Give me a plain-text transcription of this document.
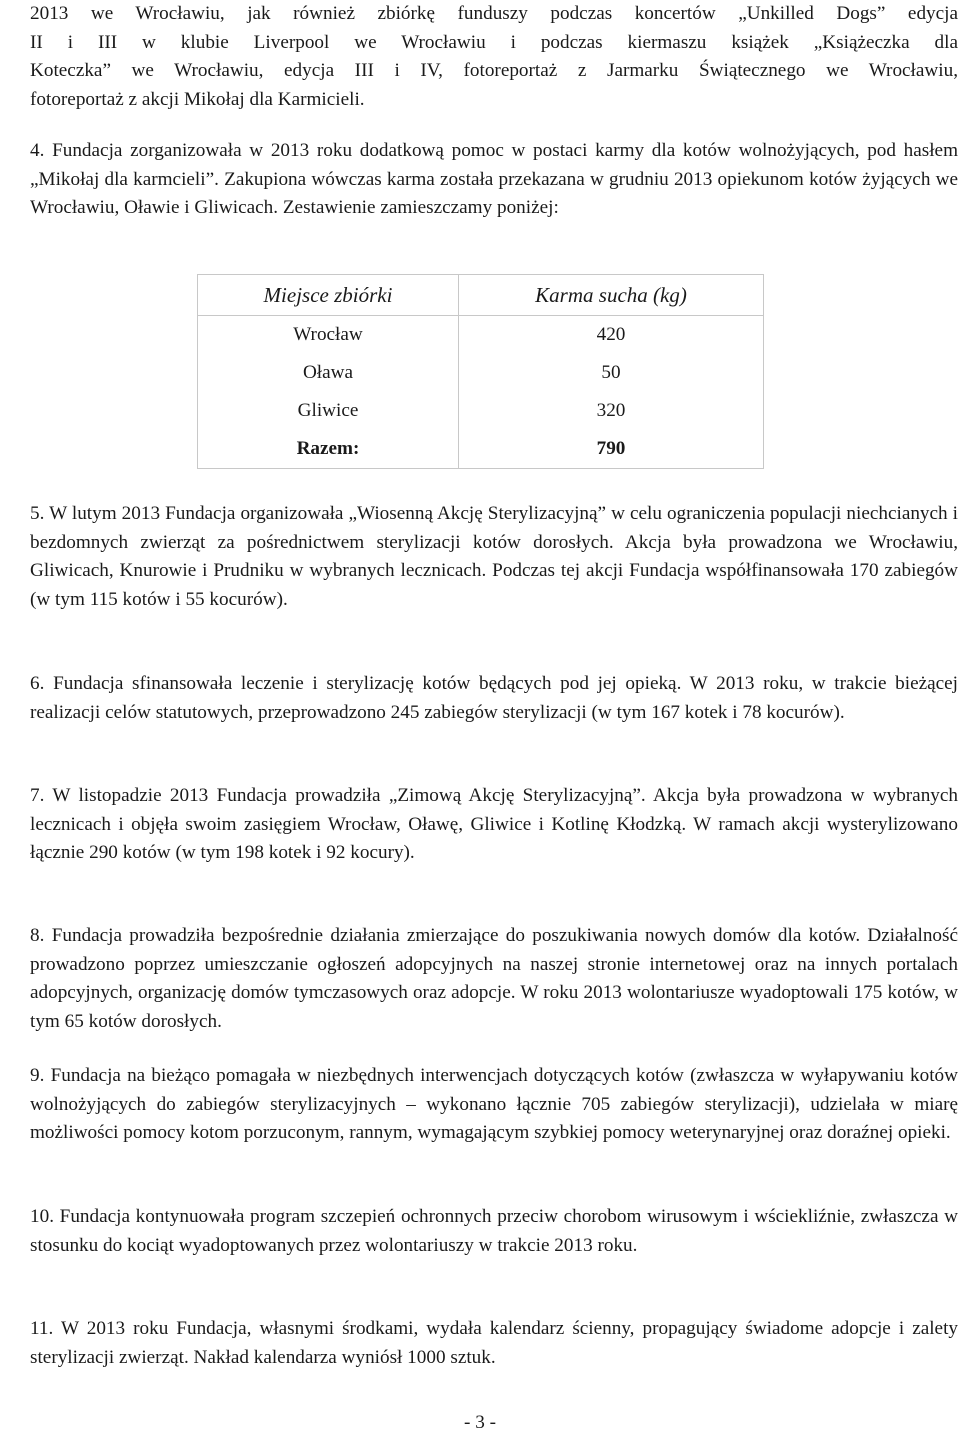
2013 we Wrocławiu, jak również zbiórkę funduszy podczas koncertów „Unkilled Dogs” edycja
II i III w klubie Liverpool we Wrocławiu i podczas kiermaszu książek „Książeczka dla
Koteczka” we Wrocławiu, edycja III i IV, fotoreportaż z Jarmarku Świątecznego we Wrocławiu,
fotoreportaż z akcji Mikołaj dla Karmicieli.

4. Fundacja zorganizowała w 2013 roku dodatkową pomoc w postaci karmy dla kotów wolnożyjących, pod hasłem „Mikołaj dla karmcieli”. Zakupiona wówczas karma została przekazana w grudniu 2013 opiekunom kotów żyjących we Wrocławiu, Oławie i Gliwicach. Zestawienie zamieszczamy poniżej:

Miejsce zbiórki	Karma sucha (kg)
Wrocław	420
Oława	50
Gliwice	320
Razem:	790

5. W lutym 2013 Fundacja organizowała „Wiosenną Akcję Sterylizacyjną” w celu ograniczenia populacji niechcianych i bezdomnych zwierząt za pośrednictwem sterylizacji kotów dorosłych. Akcja była prowadzona we Wrocławiu, Gliwicach, Knurowie i Prudniku w wybranych lecznicach. Podczas tej akcji Fundacja współfinansowała 170 zabiegów (w tym 115 kotów i 55 kocurów).

6. Fundacja sfinansowała leczenie i sterylizację kotów będących pod jej opieką. W 2013 roku, w trakcie bieżącej realizacji celów statutowych, przeprowadzono 245 zabiegów sterylizacji (w tym 167 kotek i 78 kocurów).

7. W listopadzie 2013 Fundacja prowadziła „Zimową Akcję Sterylizacyjną”. Akcja była prowadzona w wybranych lecznicach i objęła swoim zasięgiem Wrocław, Oławę, Gliwice i Kotlinę Kłodzką. W ramach akcji wysterylizowano łącznie 290 kotów (w tym 198 kotek i 92 kocury).

8. Fundacja prowadziła bezpośrednie działania zmierzające do poszukiwania nowych domów dla kotów. Działalność prowadzono poprzez umieszczanie ogłoszeń adopcyjnych na naszej stronie internetowej oraz na innych portalach adopcyjnych, organizację domów tymczasowych oraz adopcje. W roku 2013 wolontariusze wyadoptowali 175 kotów, w tym 65 kotów dorosłych.

9. Fundacja na bieżąco pomagała w niezbędnych interwencjach dotyczących kotów (zwłaszcza w wyłapywaniu kotów wolnożyjących do zabiegów sterylizacyjnych – wykonano łącznie 705 zabiegów sterylizacji), udzielała w miarę możliwości pomocy kotom porzuconym, rannym, wymagającym szybkiej pomocy weterynaryjnej oraz doraźnej opieki.

10. Fundacja kontynuowała program szczepień ochronnych przeciw chorobom wirusowym i wściekliźnie, zwłaszcza w stosunku do kociąt wyadoptowanych przez wolontariuszy w trakcie 2013 roku.

11. W 2013 roku Fundacja, własnymi środkami, wydała kalendarz ścienny, propagujący świadome adopcje i zalety sterylizacji zwierząt. Nakład kalendarza wyniósł 1000 sztuk.

- 3 -
